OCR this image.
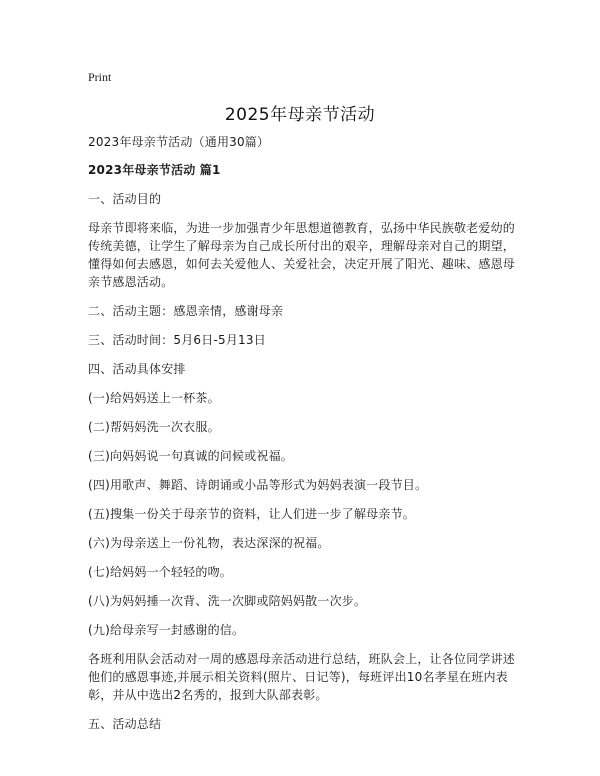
Print
2025年母亲节活动

2023年母亲节活动（通用30篇）

2023年母亲节活动 篇1

一、活动目的

母亲节即将来临，为进一步加强青少年思想道德教育，弘扬中华民族敬老爱幼的传统美德，让学生了解母亲为自己成长所付出的艰辛，理解母亲对自己的期望，懂得如何去感恩，如何去关爱他人、关爱社会，决定开展了阳光、趣味、感恩母亲节感恩活动。

二、活动主题：感恩亲情，感谢母亲

三、活动时间：5月6日-5月13日

四、活动具体安排

(一)给妈妈送上一杯茶。

(二)帮妈妈洗一次衣服。

(三)向妈妈说一句真诚的问候或祝福。

(四)用歌声、舞蹈、诗朗诵或小品等形式为妈妈表演一段节目。

(五)搜集一份关于母亲节的资料，让人们进一步了解母亲节。

(六)为母亲送上一份礼物，表达深深的祝福。

(七)给妈妈一个轻轻的吻。

(八)为妈妈捶一次背、洗一次脚或陪妈妈散一次步。

(九)给母亲写一封感谢的信。

各班利用队会活动对一周的感恩母亲活动进行总结，班队会上，让各位同学讲述他们的感恩事迹,并展示相关资料(照片、日记等)，每班评出10名孝星在班内表彰，并从中选出2名秀的，报到大队部表彰。

五、活动总结
